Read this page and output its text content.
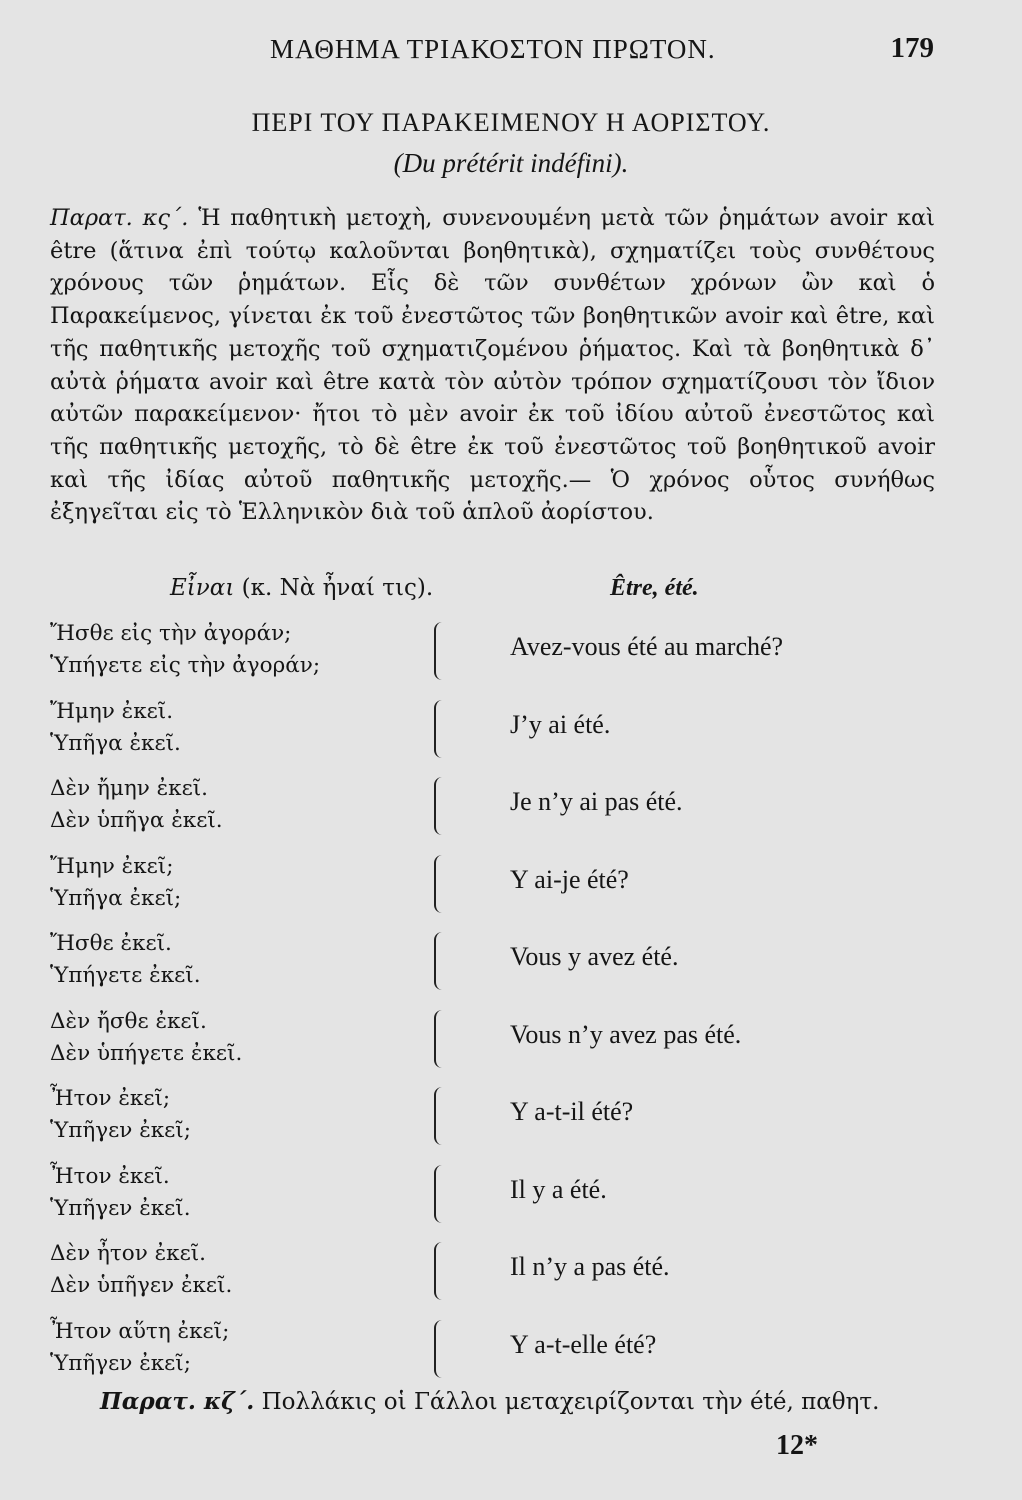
ΜΑΘΗΜΑ ΤΡΙΑΚΟΣΤΟΝ ΠΡΩΤΟΝ.	179
ΠΕΡΙ ΤΟΥ ΠΑΡΑΚΕΙΜΕΝΟΥ Η ΑΟΡΙΣΤΟΥ.
(Du prétérit indéfini).

Παρατ. κς΄. Ἡ παθητικὴ μετοχὴ, συνενουμένη μετὰ τῶν ῥημάτων avoir καὶ être (ἅτινα ἐπὶ τούτῳ καλοῦνται βοηθητικὰ), σχηματίζει τοὺς συνθέτους χρόνους τῶν ῥημάτων. Εἷς δὲ τῶν συνθέτων χρόνων ὢν καὶ ὁ Παρακείμενος, γίνεται ἐκ τοῦ ἐνεστῶτος τῶν βοηθητικῶν avoir καὶ être, καὶ τῆς παθητικῆς μετοχῆς τοῦ σχηματιζομένου ῥήματος. Καὶ τὰ βοηθητικὰ δ᾽ αὐτὰ ῥήματα avoir καὶ être κατὰ τὸν αὐτὸν τρόπον σχηματίζουσι τὸν ἴδιον αὐτῶν παρακείμενον· ἤτοι τὸ μὲν avoir ἐκ τοῦ ἰδίου αὐτοῦ ἐνεστῶτος καὶ τῆς παθητικῆς μετοχῆς, τὸ δὲ être ἐκ τοῦ ἐνεστῶτος τοῦ βοηθητικοῦ avoir καὶ τῆς ἰδίας αὐτοῦ παθητικῆς μετοχῆς.— Ὁ χρόνος οὗτος συνήθως ἐξηγεῖται εἰς τὸ Ἑλληνικὸν διὰ τοῦ ἁπλοῦ ἀορίστου.

Εἶναι (κ. Νὰ ἦναί τις).	Être, été.
Ἤσθε εἰς τὴν ἀγοράν;
Ὑπήγετε εἰς τὴν ἀγοράν;
Avez-vous été au marché?
Ἤμην ἐκεῖ.
Ὑπῆγα ἐκεῖ.
J’y ai été.
Δὲν ἤμην ἐκεῖ.
Δὲν ὑπῆγα ἐκεῖ.
Je n’y ai pas été.
Ἤμην ἐκεῖ;
Ὑπῆγα ἐκεῖ;
Y ai-je été?
Ἤσθε ἐκεῖ.
Ὑπήγετε ἐκεῖ.
Vous y avez été.
Δὲν ἤσθε ἐκεῖ.
Δὲν ὑπήγετε ἐκεῖ.
Vous n’y avez pas été.
Ἦτον ἐκεῖ;
Ὑπῆγεν ἐκεῖ;
Y a-t-il été?
Ἦτον ἐκεῖ.
Ὑπῆγεν ἐκεῖ.
Il y a été.
Δὲν ἦτον ἐκεῖ.
Δὲν ὑπῆγεν ἐκεῖ.
Il n’y a pas été.
Ἦτον αὕτη ἐκεῖ;
Ὑπῆγεν ἐκεῖ;
Y a-t-elle été?
Παρατ. κζ΄. Πολλάκις οἱ Γάλλοι μεταχειρίζονται τὴν été, παθητ.
12*
